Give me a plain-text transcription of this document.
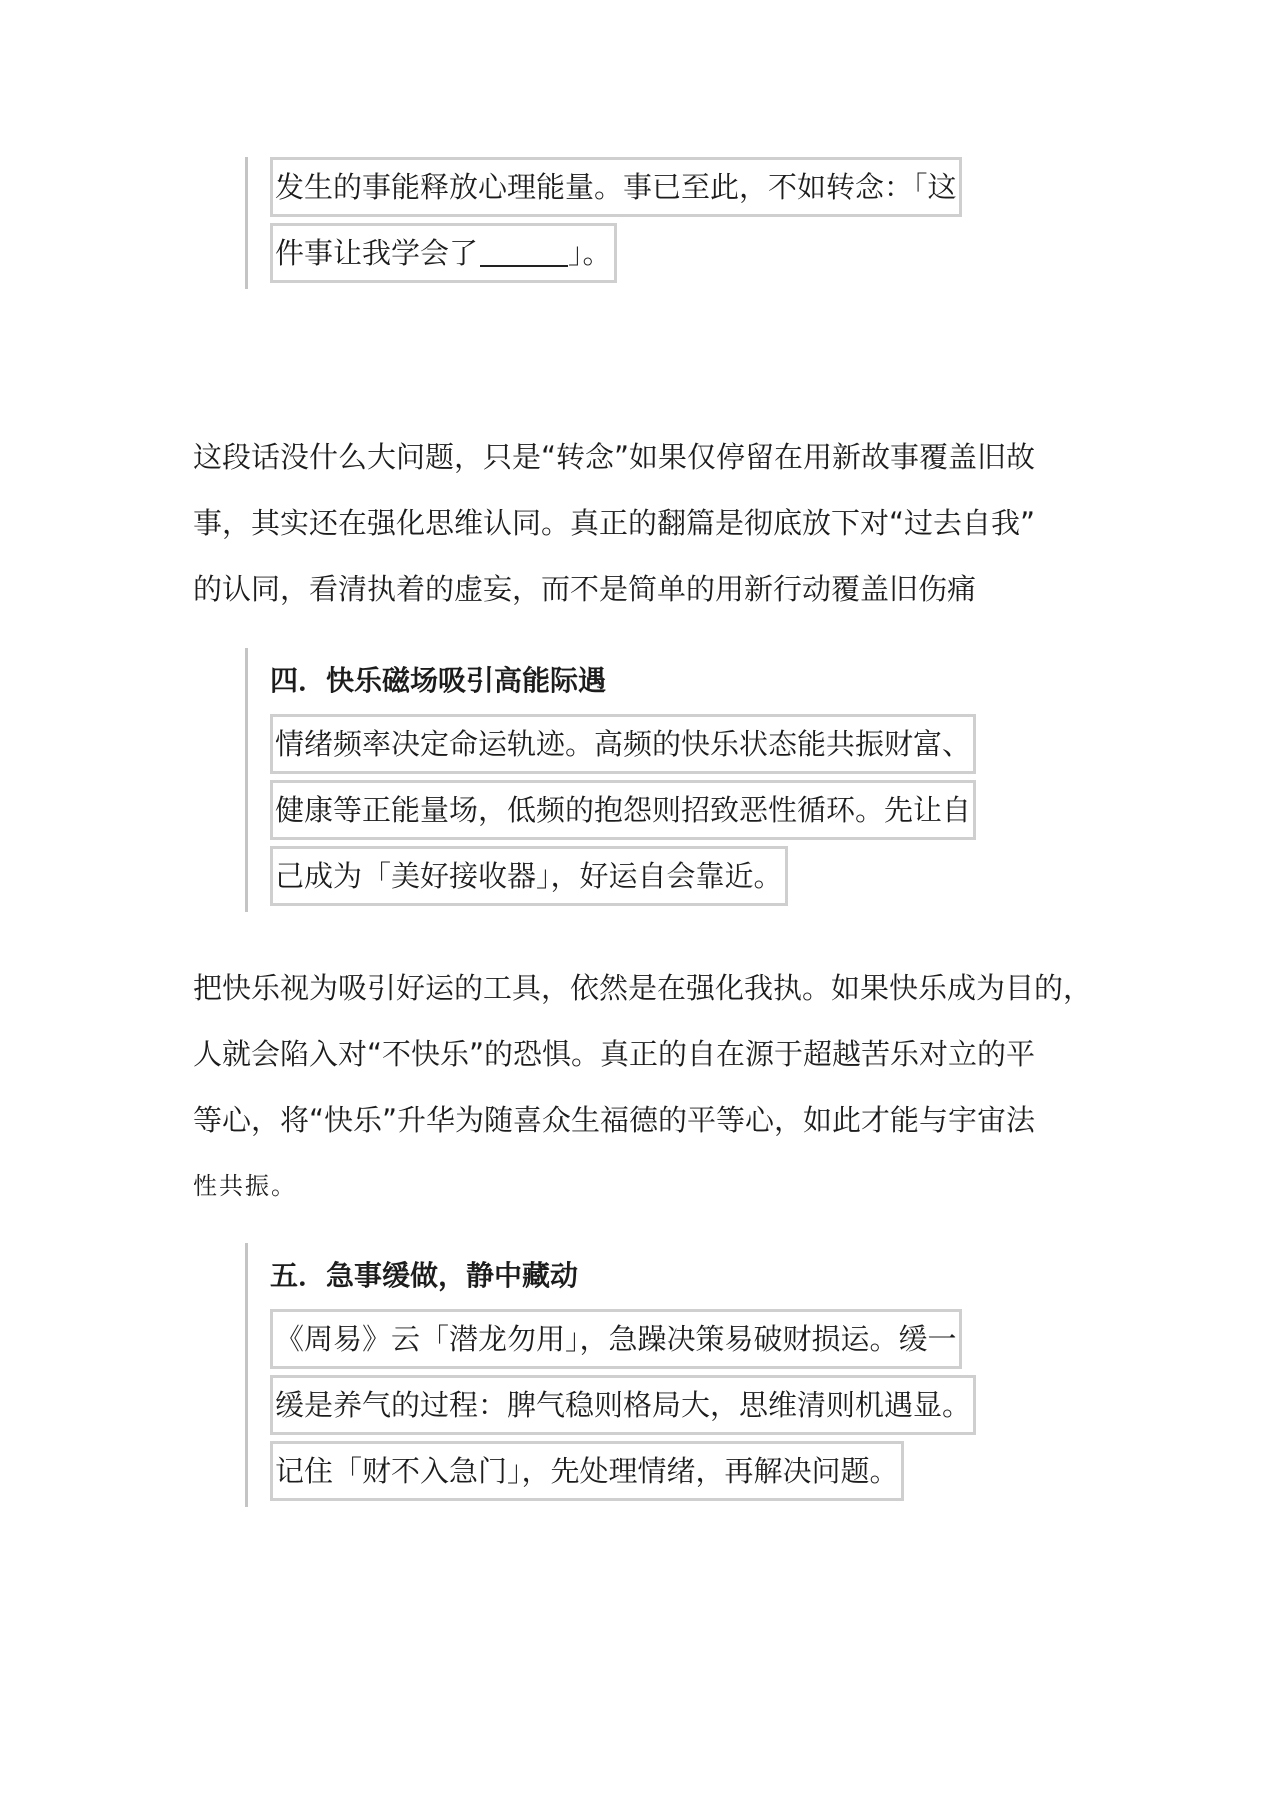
发生的事能释放心理能量。事已至此，不如转念：「这
件事让我学会了	」。
这段话没什么大问题，只是“转念”如果仅停留在用新故事覆盖旧故
事，其实还在强化思维认同。真正的翻篇是彻底放下对“过去自我”
的认同，看清执着的虚妄，而不是简单的用新行动覆盖旧伤痛
四．快乐磁场吸引高能际遇
情绪频率决定命运轨迹。高频的快乐状态能共振财富、
健康等正能量场，低频的抱怨则招致恶性循环。先让自
己成为「美好接收器」，好运自会靠近。
把快乐视为吸引好运的工具，依然是在强化我执。如果快乐成为目的，
人就会陷入对“不快乐”的恐惧。真正的自在源于超越苦乐对立的平
等心，将“快乐”升华为随喜众生福德的平等心，如此才能与宇宙法
性共振。
五．急事缓做，静中藏动
《周易》云「潜龙勿用」，急躁决策易破财损运。缓一
缓是养气的过程：脾气稳则格局大，思维清则机遇显。
记住「财不入急门」，先处理情绪，再解决问题。
